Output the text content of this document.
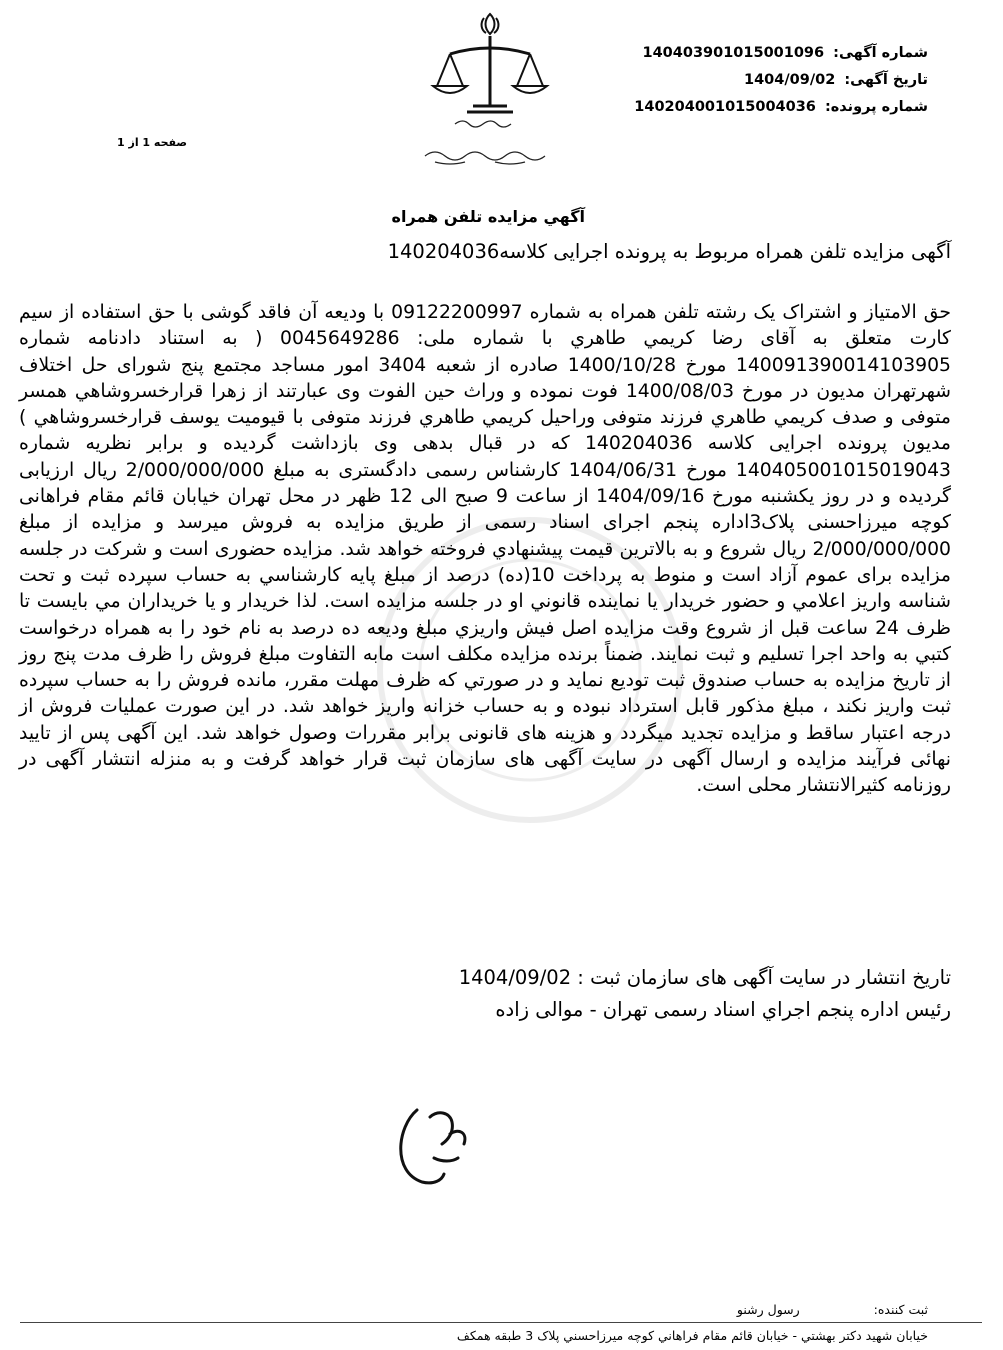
شماره آگهی: 140403901015001096
تاریخ آگهی: 1404/09/02
شماره پرونده: 140204001015004036
صفحه 1 از 1
آگهي مزايده تلفن همراه
آگهی مزایده تلفن همراه مربوط به پرونده اجرایی کلاسه140204036
حق الامتیاز و اشتراک یک رشته تلفن همراه به شماره 09122200997 با ودیعه آن فاقد گوشی با حق استفاده از سیم کارت متعلق به آقای رضا کريمي طاهري با شماره ملی: 0045649286 ( به استناد دادنامه شماره 140091390014103905 مورخ 1400/10/28 صادره از شعبه 3404 امور مساجد مجتمع پنج شورای حل اختلاف شهرتهران مدیون در مورخ 1400/08/03 فوت نموده و وراث حین الفوت وی عبارتند از زهرا قرارخسروشاهي همسر متوفی و صدف کريمي طاهري فرزند متوفی وراحیل کريمي طاهري فرزند متوفی با قیومیت یوسف قرارخسروشاهي ) مدیون پرونده اجرایی کلاسه 140204036 که در قبال بدهی وی بازداشت گردیده و برابر نظریه شماره 140405001015019043 مورخ 1404/06/31 کارشناس رسمی دادگستری به مبلغ 2/000/000/000 ریال ارزیابی گردیده و در روز یکشنبه مورخ 1404/09/16 از ساعت 9 صبح الی 12 ظهر در محل تهران خیابان قائم مقام فراهانی کوچه میرزاحسنی پلاک3اداره پنجم اجرای اسناد رسمی از طریق مزایده به فروش میرسد و مزایده از مبلغ 2/000/000/000 ریال شروع و به بالاترين قيمت پيشنهادي فروخته خواهد شد. مزايده حضوری است و شرکت در جلسه مزايده برای عموم آزاد است و منوط به پرداخت 10(ده) درصد از مبلغ پايه کارشناسي به حساب سپرده ثبت و تحت شناسه واريز اعلامي و حضور خريدار يا نماينده قانوني او در جلسه مزايده است. لذا خريدار و يا خريداران مي بايست تا ظرف 24 ساعت قبل از شروع وقت مزايده اصل فيش واريزي مبلغ وديعه ده درصد به نام خود را به همراه درخواست کتبي به واحد اجرا تسليم و ثبت نمايند. ضمناً برنده مزايده مکلف است مابه التفاوت مبلغ فروش را ظرف مدت پنج روز از تاريخ مزايده به حساب صندوق ثبت توديع نمايد و در صورتي که ظرف مهلت مقرر، مانده فروش را به حساب سپرده ثبت واريز نکند ، مبلغ مذکور قابل استرداد نبوده و به حساب خزانه واريز خواهد شد. در اين صورت عمليات فروش از درجه اعتبار ساقط و مزايده تجديد ميگردد و هزینه های قانونی برابر مقررات وصول خواهد شد. این آگهی پس از تایید نهائی فرآیند مزایده و ارسال آگهی در سایت آگهی های سازمان ثبت قرار خواهد گرفت و به منزله انتشار آگهی در روزنامه کثیرالانتشار محلی است.
تاریخ انتشار در سایت آگهی های سازمان ثبت : 1404/09/02
رئیس اداره پنجم اجراي اسناد رسمی تهران - موالی زاده
ثبت کننده: رسول رشنو
خيابان شهيد دکتر بهشتي - خيابان قائم مقام فراهاني کوچه ميرزاحسني پلاک 3 طبقه همکف
